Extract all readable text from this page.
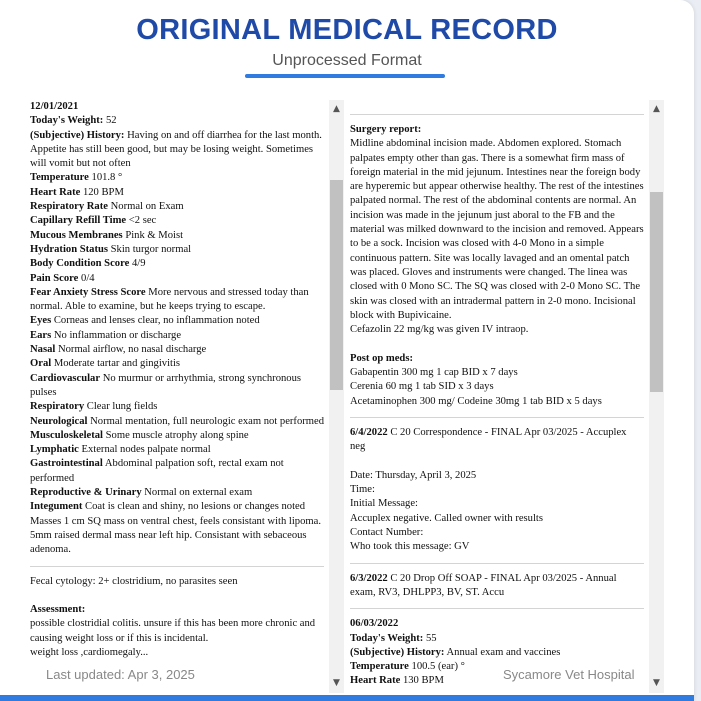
ORIGINAL MEDICAL RECORD
Unprocessed Format

12/01/2021

Today's Weight: 52

(Subjective) History: Having on and off diarrhea for the last month. Appetite has still been good, but may be losing weight. Sometimes will vomit but not often

Temperature 101.8 °

Heart Rate 120 BPM

Respiratory Rate Normal on Exam

Capillary Refill Time <2 sec

Mucous Membranes Pink & Moist

Hydration Status Skin turgor normal

Body Condition Score 4/9

Pain Score 0/4

Fear Anxiety Stress Score More nervous and stressed today than normal. Able to examine, but he keeps trying to escape.

Eyes Corneas and lenses clear, no inflammation noted

Ears No inflammation or discharge

Nasal Normal airflow, no nasal discharge

Oral Moderate tartar and gingivitis

Cardiovascular No murmur or arrhythmia, strong synchronous pulses

Respiratory Clear lung fields

Neurological Normal mentation, full neurologic exam not performed

Musculoskeletal Some muscle atrophy along spine

Lymphatic External nodes palpate normal

Gastrointestinal Abdominal palpation soft, rectal exam not performed

Reproductive & Urinary Normal on external exam

Integument Coat is clean and shiny, no lesions or changes noted

Masses 1 cm SQ mass on ventral chest, feels consistant with lipoma.

5mm raised dermal mass near left hip. Consistant with sebaceous adenoma.

Fecal cytology: 2+ clostridium, no parasites seen

Assessment:

possible clostridial colitis. unsure if this has been more chronic and causing weight loss or if this is incidental.

weight loss ,cardiomegaly...

▲
▼

Surgery report:

Midline abdominal incision made. Abdomen explored. Stomach palpates empty other than gas. There is a somewhat firm mass of foreign material in the mid jejunum. Intestines near the foreign body are hyperemic but appear otherwise healthy. The rest of the intestines palpated normal. The rest of the abdominal contents are normal. An incision was made in the jejunum just aboral to the FB and the material was milked downward to the incision and removed. Appears to be a sock. Incision was closed with 4-0 Mono in a simple continuous pattern. Site was locally lavaged and an omental patch was placed. Gloves and instruments were changed. The linea was closed with 0 Mono SC. The SQ was closed with 2-0 Mono SC. The skin was closed with an intradermal pattern in 2-0 mono. Incisional block with Bupivicaine.

Cefazolin 22 mg/kg was given IV intraop.

Post op meds:

Gabapentin 300 mg 1 cap BID x 7 days

Cerenia 60 mg 1 tab SID x 3 days

Acetaminophen 300 mg/ Codeine 30mg 1 tab BID x 5 days

6/4/2022 C 20 Correspondence - FINAL Apr 03/2025 - Accuplex neg

Date: Thursday, April 3, 2025

Time:

Initial Message:

Accuplex negative. Called owner with results

Contact Number:

Who took this message: GV

6/3/2022 C 20 Drop Off SOAP - FINAL Apr 03/2025 - Annual exam, RV3, DHLPP3, BV, ST. Accu

06/03/2022

Today's Weight: 55

(Subjective) History: Annual exam and vaccines

Temperature 100.5 (ear) °

Heart Rate 130 BPM

▲
▼
Last updated: Apr 3, 2025	Sycamore Vet Hospital
